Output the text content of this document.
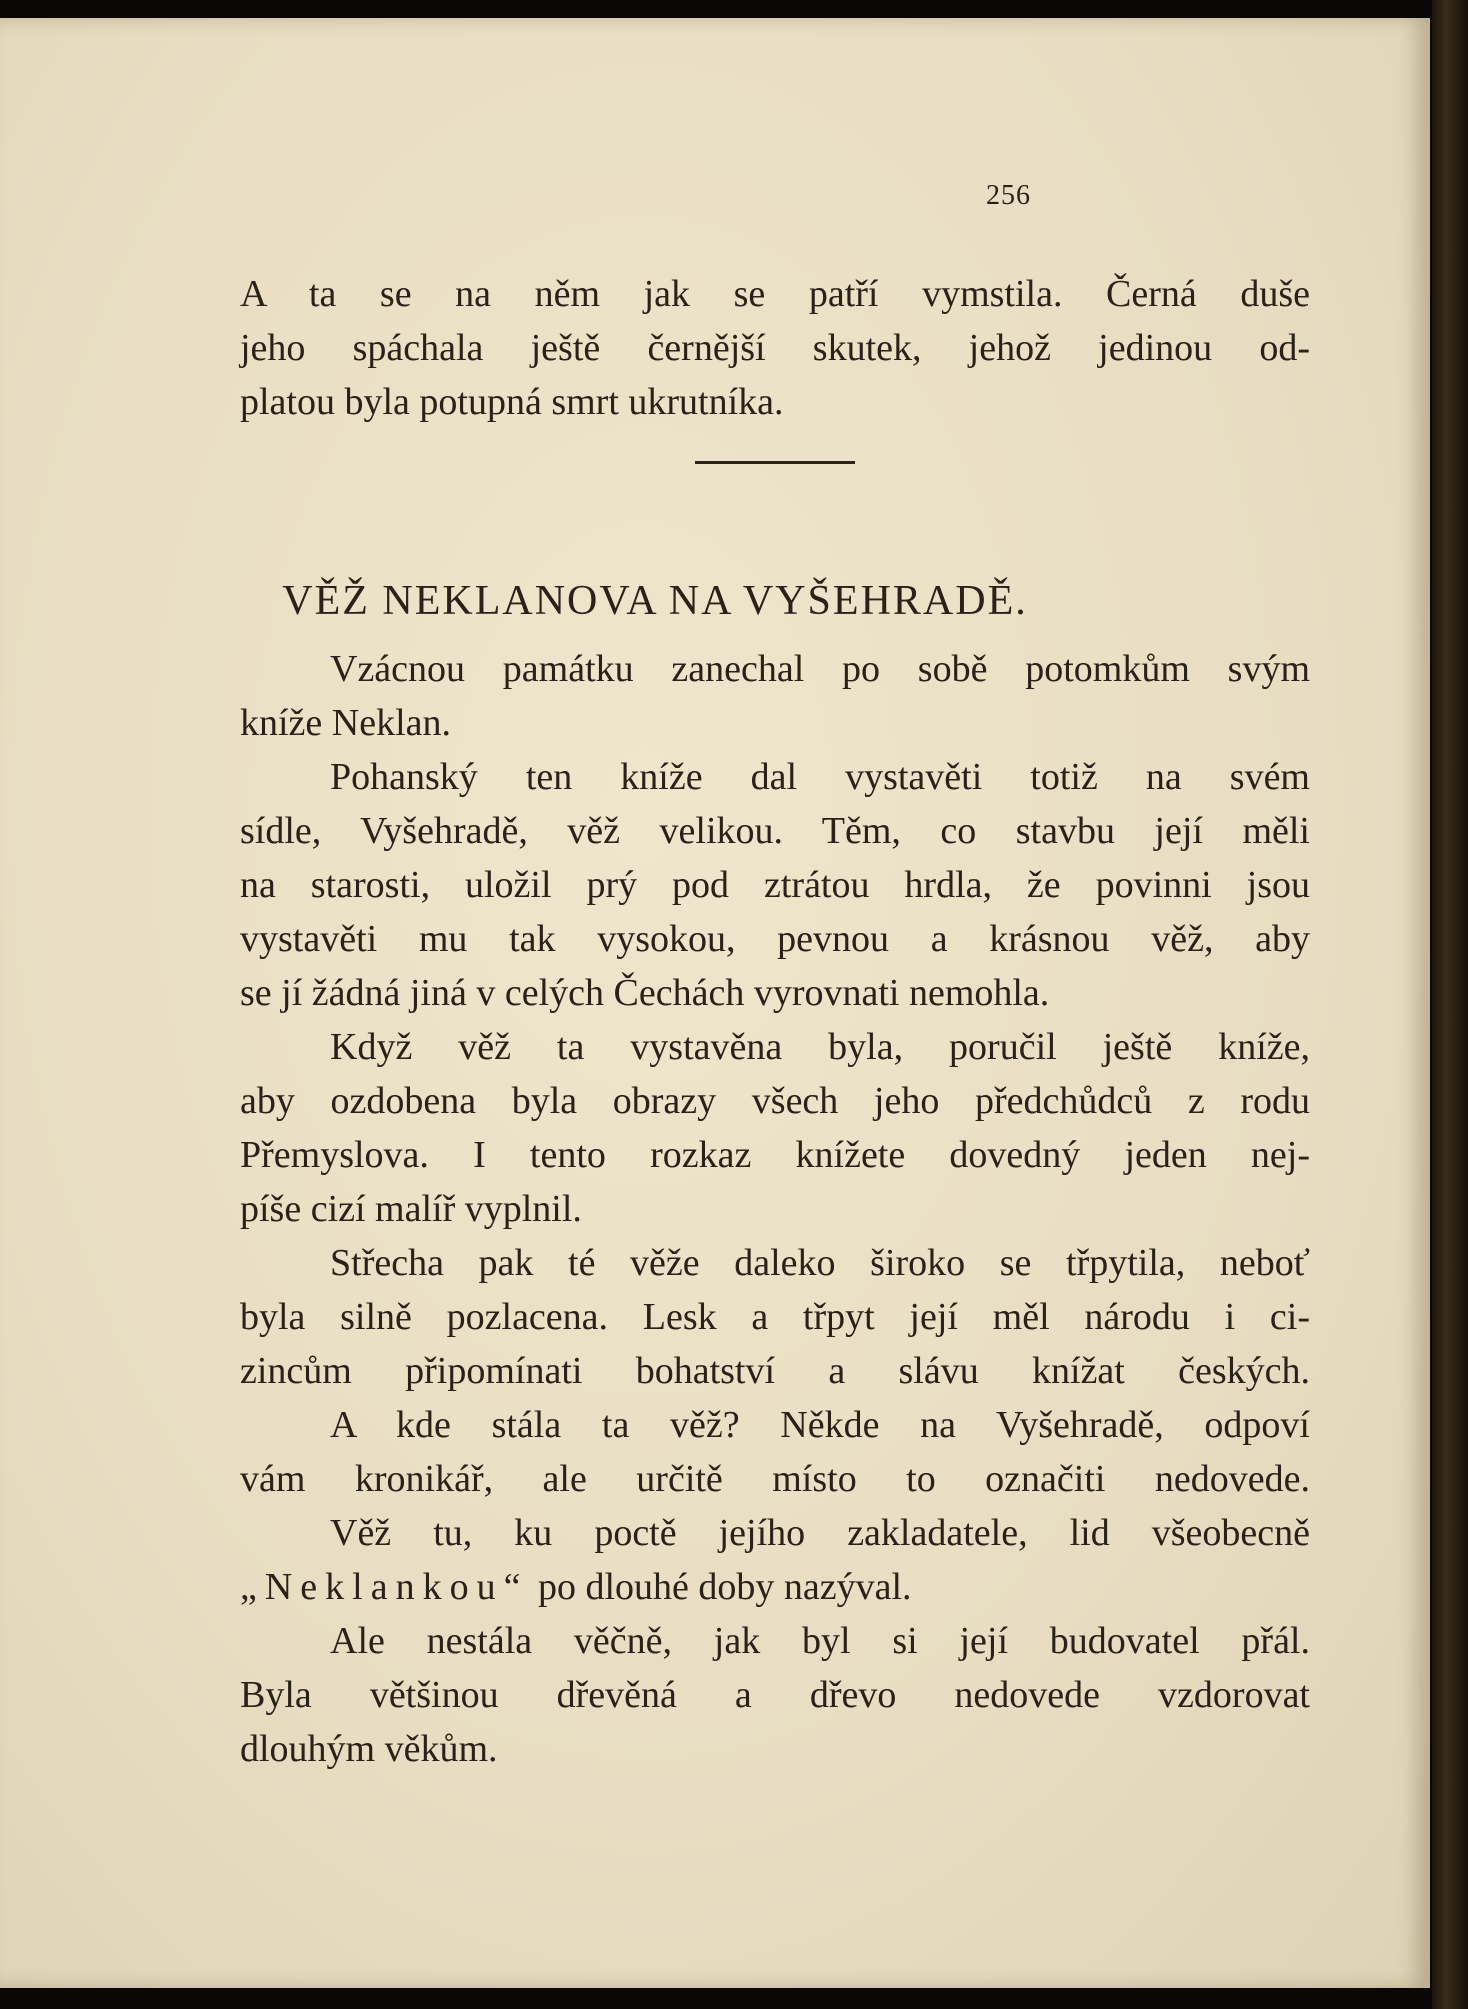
256
A ta se na něm jak se patří vymstila. Černá duše
jeho spáchala ještě černější skutek, jehož jedinou od-
platou byla potupná smrt ukrutníka.
VĚŽ NEKLANOVA NA VYŠEHRADĚ.
Vzácnou památku zanechal po sobě potomkům svým
kníže Neklan.
Pohanský ten kníže dal vystavěti totiž na svém
sídle, Vyšehradě, věž velikou. Těm, co stavbu její měli
na starosti, uložil prý pod ztrátou hrdla, že povinni jsou
vystavěti mu tak vysokou, pevnou a krásnou věž, aby
se jí žádná jiná v celých Čechách vyrovnati nemohla.
Když věž ta vystavěna byla, poručil ještě kníže,
aby ozdobena byla obrazy všech jeho předchůdců z rodu
Přemyslova. I tento rozkaz knížete dovedný jeden nej-
píše cizí malíř vyplnil.
Střecha pak té věže daleko široko se třpytila, neboť
byla silně pozlacena. Lesk a třpyt její měl národu i ci-
zincům připomínati bohatství a slávu knížat českých.
A kde stála ta věž? Někde na Vyšehradě, odpoví
vám kronikář, ale určitě místo to označiti nedovede.
Věž tu, ku poctě jejího zakladatele, lid všeobecně
„Neklankou“ po dlouhé doby nazýval.
Ale nestála věčně, jak byl si její budovatel přál.
Byla většinou dřevěná a dřevo nedovede vzdorovat
dlouhým věkům.
